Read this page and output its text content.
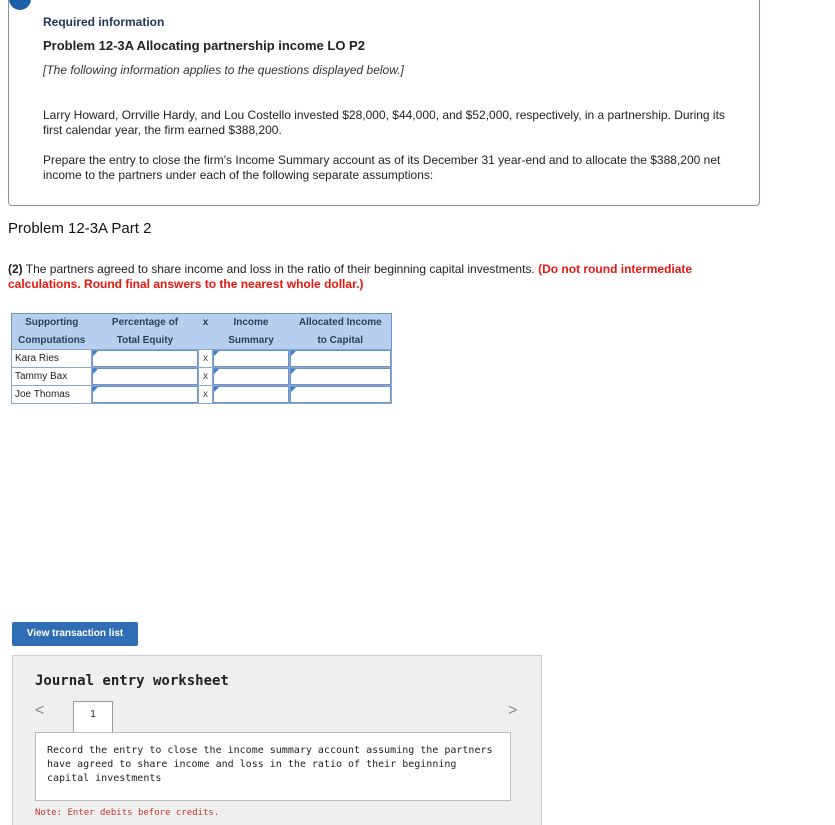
Required information
Problem 12-3A Allocating partnership income LO P2
[The following information applies to the questions displayed below.]
Larry Howard, Orrville Hardy, and Lou Costello invested $28,000, $44,000, and $52,000, respectively, in a partnership. During its first calendar year, the firm earned $388,200.
Prepare the entry to close the firm's Income Summary account as of its December 31 year-end and to allocate the $388,200 net income to the partners under each of the following separate assumptions:
Problem 12-3A Part 2
(2) The partners agreed to share income and loss in the ratio of their beginning capital investments. (Do not round intermediate calculations. Round final answers to the nearest whole dollar.)
Supporting	Percentage of	x	Income	Allocated Income
Computations	Total Equity		Summary	to Capital
Kara Ries		x	

Tammy Bax		x	

Joe Thomas		x	

View transaction list
Journal entry worksheet
<	1	>
Record the entry to close the income summary account assuming the partners have agreed to share income and loss in the ratio of their beginning capital investments
Note: Enter debits before credits.
